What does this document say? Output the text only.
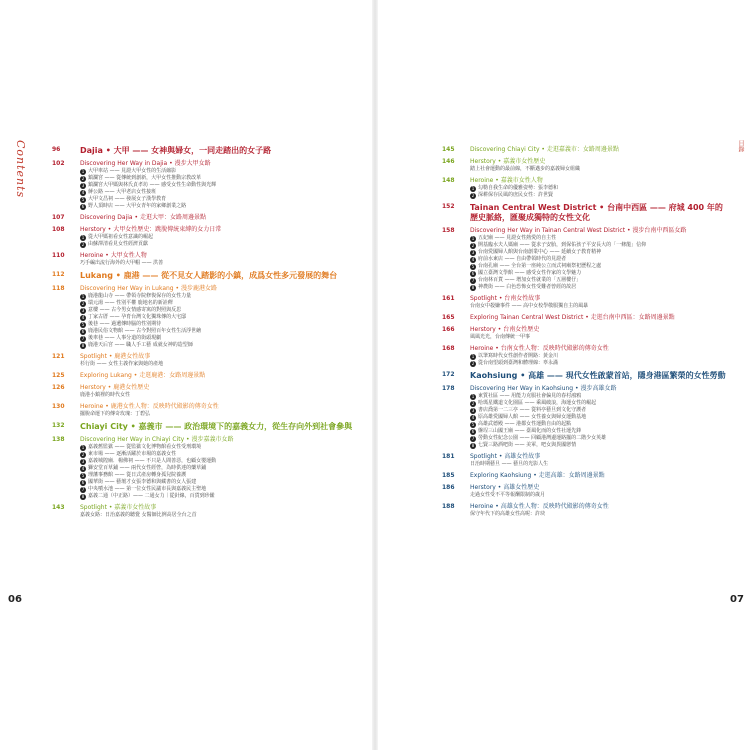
Contents	目錄
06	07
96	Dajia • 大甲 —— 女神與婦女，一同走踏出的女子路
102	Discovering Her Way in Dajia • 漫步大甲女路
1 大甲車站 —— 見證大甲女性的生活縮影
2 鎮瀾宮 —— 從傳統到創新，大甲女性推動宗教改革
3 鎮瀾宮大甲媽與林氏貞孝坊 —— 感受女性生命動性與光輝
4 蔣公路 —— 大甲老店女性接班
5 大甲文昌祠 —— 發展女子漢學教育
6 野人頂時店 —— 大甲女青年的家鄉創業之路
107	Discovering Dajia • 走逛大甲：女路周邊景點
108	Herstory • 大甲女性歷史：跳脫傳統束縛的女力日常
1 從大甲媽祖看女性意識的崛起
2 由蘇澤清看見女性經濟貢獻
110	Heroine • 大甲女性人物
巧手編出流行海外的大甲帽 —— 洪善
112	Lukang • 鹿港 —— 從不見女人踏影的小鎮，成爲女性多元發展的舞台
118	Discovering Her Way in Lukang • 漫步鹿港女路
1 鹿港龍山寺 —— 帶領寺院修復保存的女性力量
2 瑞元湯 —— 性別平權 鹿地名的新詮釋
3 意樓 —— 古今男女情感寄寓的對照與反思
4 丁家古厝 —— 孕育台灣文化獨珠傳的大宅邸
5 後巷 —— 過遺傳時腦的性別期待
6 鹿港民俗文物館 —— 古今對照百年女性生活浮世繪
7 後車巷 —— 人事分道的街頭現劇
8 鹿港天后宮 —— 職人手工藝 成就女神的造型師
121	Spotlight • 鹿港女性故事
杉行街 —— 女性主義作家與她的產地
125	Exploring Lukang • 走逛鹿港：女路周邊景點
126	Herstory • 鹿港女性歷史
鹿港小鎮裡的時代女性
130	Heroine • 鹿港女性人物：反映時代殿影的傳奇女性
擺脫命運下的傳奇玫瑰：丁碧弘
132	Chiayi City • 嘉義市 —— 政治環境下的嘉義女力，從生存向外到社會參與
138	Discovering Her Way in Chiayi City • 漫步嘉義市女路
1 嘉義舊監獄 —— 從監獄文化博物館看女性受刑環境
2 東市場 —— 逐漸活躍於市場的嘉義女性
3 嘉義城隍廟．楊佛祠 —— 不只是人間善惡，也顧女嬰運動
4 獅安堂百草鋪 —— 兩代女性經營，為時供達的藥草鋪
5 理藩事務館 —— 從日式產房轉身孤兒院養護
6 國華街 —— 藝壇才女張李德和與藏書的女人張建
7 中央噴水池 —— 第一位女性民議市長與嘉義民主聖地
8 嘉義二通（中正路）—— 二通女力｜從針線，百貨到珍饈
143	Spotlight • 嘉義市女性故事
嘉義女路：日治嘉義的聽覺 女醫師比例高居全台之首
145	Discovering Chiayi City • 走逛嘉義市：女路周邊景點
146	Herstory • 嘉義市女性歷史
踏上社會運動的最前線，不斷邁步的嘉義婦女組織
148	Heroine • 嘉義市女性人物
1 勾勒自我生命的優雅姿勢：張李德和
2 深耕保存民風的庶民女性：許世賢
152	Tainan Central West District • 台南中西區 —— 府城 400 年的歷史脈絡，匯聚成獨特的女性文化
158	Discovering Her Way in Tainan Central West District • 漫步台南中西區女路
1 五妃廟 —— 見證女性熱愛的自主性
2 開基臨水夫人媽廟 —— 從求子安胎，到保佑孩子平安長大的「一條龍」信仰
3 台南愛國婦人館與台南創業中心 —— 延續女子教育精神
4 府前水東店 —— 自由帶領時代的見證者
5 台南孔廟 —— 全台第一座純公立而式祠廟祭祀歷程之處
6 國立臺灣文學館 —— 感受女性作家的文學魅力
7 台南林百貨 —— 增加女性就業的「五層樓仔」
8 神農街 —— 白色恐怖女性受難者曾經的故居
161	Spotlight • 台南女性故事
台南女中殺嫌事件 —— 高中女校學敬服獨自主的風暴
165	Exploring Tainan Central West District • 走逛台南中西區：女路周邊景點
166	Herstory • 台南女性歷史
風風光光，台南傳統一甲事
168	Heroine • 台南女性人物：反映時代殿影的傳奇女性
1 以筆寫時代女性創作者開路：黃金川
2 從台南望頭到臺灣和體理線：辜永滿
172	Kaohsiung • 高雄 —— 現代女性啟蒙首站，隱身港區繁榮的女性勞動
178	Discovering Her Way in Kaohsiung • 漫步高雄女路
1 東質社區 —— 用能力克服社會偏見的春村鴻鴉
2 哈瑪星鐵道文化園區 —— 乘風破浪，海運女性的崛起
3 書店喬第一二三亭 —— 從料亭藝旦到文化守護者
4 原高雄愛國婦人館 —— 女性養女與婦女運動基地
5 高雄武德殿 —— 港都女性運動自由的起點
6 盤埕三山國王廟 —— 臺風化而的女性社運先鋒
7 勞動女性紀念公園 —— 回顧港灣邊運路擺的二階少女英雄
8 七賢三路酒吧街 —— 美軍，吧女與異國戀情
181	Spotlight • 高雄女性故事
日治時期藝旦 —— 藝旦的光影人生
185	Exploring Kaohsiung • 走逛高雄：女路周邊景點
186	Herstory • 高雄女性歷史
走過女性受不平等報酬限制的歲月
188	Heroine • 高雄女性人物：反映時代殿影的傳奇女性
保守年代下的高雄女性高呢：許玦
